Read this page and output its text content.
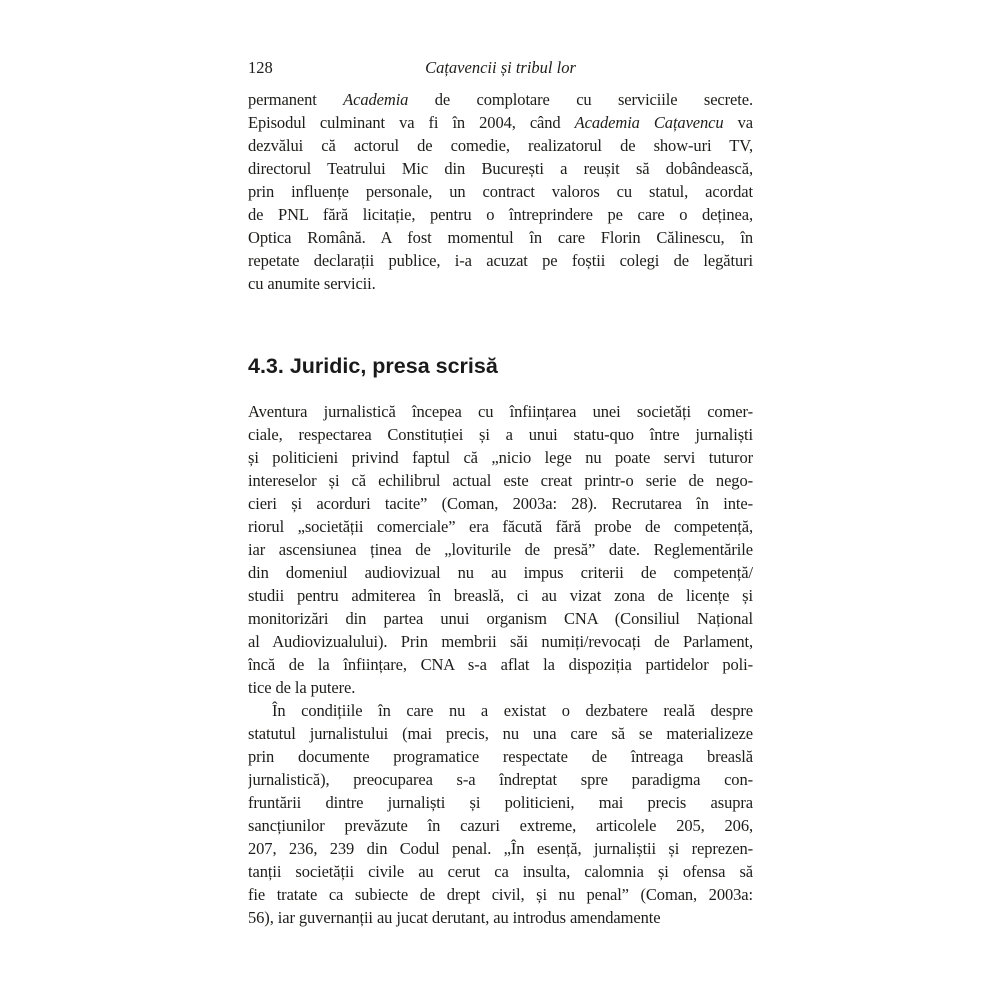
128	Cațavencii și tribul lor
permanent Academia de complotare cu serviciile secrete.
Episodul culminant va fi în 2004, când Academia Cațavencu va
dezvălui că actorul de comedie, realizatorul de show-uri TV,
directorul Teatrului Mic din București a reușit să dobândească,
prin influențe personale, un contract valoros cu statul, acordat
de PNL fără licitație, pentru o întreprindere pe care o deținea,
Optica Română. A fost momentul în care Florin Călinescu, în
repetate declarații publice, i-a acuzat pe foștii colegi de legături
cu anumite servicii.
4.3. Juridic, presa scrisă
Aventura jurnalistică începea cu înființarea unei societăți comer-
ciale, respectarea Constituției și a unui statu-quo între jurnaliști
și politicieni privind faptul că „nicio lege nu poate servi tuturor
intereselor și că echilibrul actual este creat printr-o serie de nego-
cieri și acorduri tacite” (Coman, 2003a: 28). Recrutarea în inte-
riorul „societății comerciale” era făcută fără probe de competență,
iar ascensiunea ținea de „loviturile de presă” date. Reglementările
din domeniul audiovizual nu au impus criterii de competență/
studii pentru admiterea în breaslă, ci au vizat zona de licențe și
monitorizări din partea unui organism CNA (Consiliul Național
al Audiovizualului). Prin membrii săi numiți/revocați de Parlament,
încă de la înființare, CNA s-a aflat la dispoziția partidelor poli-
tice de la putere.
În condițiile în care nu a existat o dezbatere reală despre
statutul jurnalistului (mai precis, nu una care să se materializeze
prin documente programatice respectate de întreaga breaslă
jurnalistică), preocuparea s-a îndreptat spre paradigma con-
fruntării dintre jurnaliști și politicieni, mai precis asupra
sancțiunilor prevăzute în cazuri extreme, articolele 205, 206,
207, 236, 239 din Codul penal. „În esență, jurnaliștii și reprezen-
tanții societății civile au cerut ca insulta, calomnia și ofensa să
fie tratate ca subiecte de drept civil, și nu penal” (Coman, 2003a:
56), iar guvernanții au jucat derutant, au introdus amendamente
